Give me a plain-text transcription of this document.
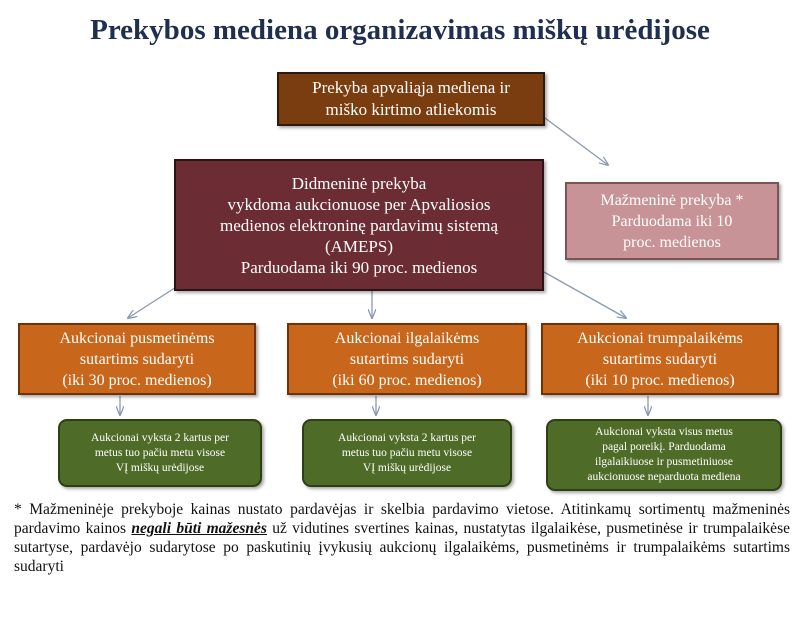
Prekybos mediena organizavimas miškų urėdijose
Prekyba apvaliąja mediena ir
miško kirtimo atliekomis
Didmeninė prekyba
vykdoma aukcionuose per Apvaliosios
medienos elektroninę pardavimų sistemą
(AMEPS)
Parduodama iki 90 proc. medienos
Mažmeninė prekyba *
Parduodama iki 10
proc. medienos
Aukcionai pusmetinėms
sutartims sudaryti
(iki 30 proc. medienos)
Aukcionai ilgalaikėms
sutartims sudaryti
(iki 60 proc. medienos)
Aukcionai trumpalaikėms
sutartims sudaryti
(iki 10 proc. medienos)
Aukcionai vyksta 2 kartus per
metus tuo pačiu metu visose
VĮ miškų urėdijose
Aukcionai vyksta 2 kartus per
metus tuo pačiu metu visose
VĮ miškų urėdijose
Aukcionai vyksta visus metus
pagal poreikį. Parduodama
ilgalaikiuose ir pusmetiniuose
aukcionuose neparduota mediena
* Mažmeninėje prekyboje kainas nustato pardavėjas ir skelbia pardavimo vietose. Atitinkamų sortimentų mažmeninės pardavimo kainos negali būti mažesnės už vidutines svertines kainas, nustatytas ilgalaikėse, pusmetinėse ir trumpalaikėse sutartyse, pardavėjo sudarytose po paskutinių įvykusių aukcionų ilgalaikėms, pusmetinėms ir trumpalaikėms sutartims sudaryti
